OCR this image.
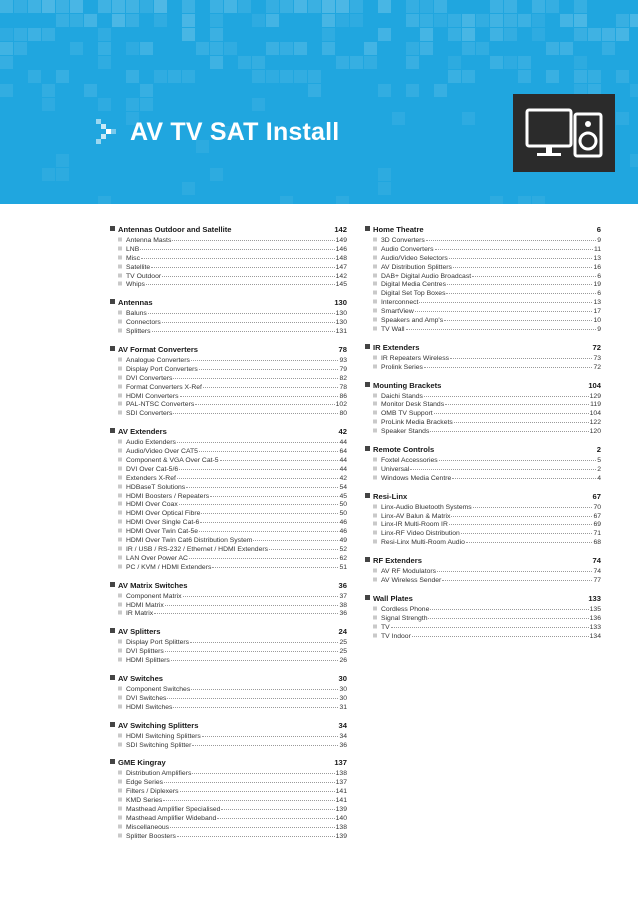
AV TV SAT Install
Antennas Outdoor and Satellite	142
Antenna Masts	149
LNB	146
Misc	148
Satellite	147
TV Outdoor	142
Whips	145
Antennas	130
Baluns	130
Connectors	130
Splitters	131
AV Format Converters	78
Analogue Converters	93
Display Port Converters	79
DVI Converters	82
Format Converters X-Ref	78
HDMI Converters	86
PAL-NTSC Converters	102
SDI Converters	80
AV Extenders	42
Audio Extenders	44
Audio/Video Over CAT5	64
Component & VGA Over Cat-5	44
DVI Over Cat-5/6	44
Extenders X-Ref	42
HDBaseT Solutions	54
HDMI Boosters / Repeaters	45
HDMI Over Coax	50
HDMI Over Optical Fibre	50
HDMI Over Single Cat-6	46
HDMI Over Twin Cat-5e	46
HDMI Over Twin Cat6 Distribution System	49
IR / USB / RS-232 / Ethernet / HDMI Extenders	52
LAN Over Power AC	62
PC / KVM / HDMI Extenders	51
AV Matrix Switches	36
Component Matrix	37
HDMI Matrix	38
IR Matrix	36
AV Splitters	24
Display Port Splitters	25
DVI Splitters	25
HDMI Splitters	26
AV Switches	30
Component Switches	30
DVI Switches	30
HDMI Switches	31
AV Switching Splitters	34
HDMI Switching Splitters	34
SDI Switching Splitter	36
GME Kingray	137
Distribution Amplifiers	138
Edge Series	137
Filters / Diplexers	141
KMD Series	141
Masthead Amplifier Specialised	139
Masthead Amplifier Wideband	140
Miscellaneous	138
Splitter Boosters	139
Home Theatre	6
3D Converters	9
Audio Converters	11
Audio/Video Selectors	13
AV Distribution Splitters	16
DAB+ Digital Audio Broadcast	6
Digital Media Centres	19
Digital Set Top Boxes	6
Interconnect	13
SmartView	17
Speakers and Amp's	10
TV Wall	9
IR Extenders	72
IR Repeaters Wireless	73
Prolink Series	72
Mounting Brackets	104
Daichi Stands	129
Monitor Desk Stands	119
OMB TV Support	104
ProLink Media Brackets	122
Speaker Stands	120
Remote Controls	2
Foxtel Accessories	5
Universal	2
Windows Media Centre	4
Resi-Linx	67
Linx-Audio Bluetooth Systems	70
Linx-AV Balun & Matrix	67
Linx-IR Multi-Room IR	69
Linx-RF Video Distribution	71
Resi-Linx Multi-Room Audio	68
RF Extenders	74
AV RF Modulators	74
AV Wireless Sender	77
Wall Plates	133
Cordless Phone	135
Signal Strength	136
TV	133
TV Indoor	134
